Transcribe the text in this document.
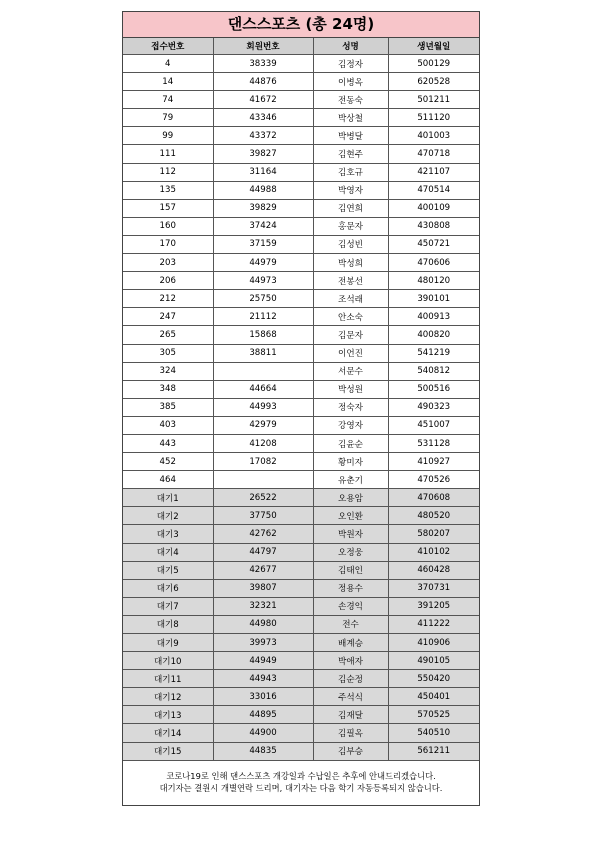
댄스스포츠 (총 24명)
접수번호	회원번호	성명	생년월일
4	38339	김정자	500129
14	44876	이병옥	620528
74	41672	전동숙	501211
79	43346	박상철	511120
99	43372	박병달	401003
111	39827	김현주	470718
112	31164	김호규	421107
135	44988	박영자	470514
157	39829	김연희	400109
160	37424	홍문자	430808
170	37159	김성빈	450721
203	44979	박성희	470606
206	44973	전봉선	480120
212	25750	조석래	390101
247	21112	안소숙	400913
265	15868	김문자	400820
305	38811	이언진	541219
324		서문수	540812
348	44664	박성원	500516
385	44993	정숙자	490323
403	42979	강영자	451007
443	41208	김윤순	531128
452	17082	황미자	410927
464		유춘기	470526
대기1	26522	오용암	470608
대기2	37750	오인환	480520
대기3	42762	박원자	580207
대기4	44797	오정웅	410102
대기5	42677	김태인	460428
대기6	39807	정용수	370731
대기7	32321	손경익	391205
대기8	44980	전수	411222
대기9	39973	배계승	410906
대기10	44949	박애자	490105
대기11	44943	김순정	550420
대기12	33016	주석식	450401
대기13	44895	김재달	570525
대기14	44900	김필옥	540510
대기15	44835	김부승	561211
코로나19로 인해 댄스스포츠 개강일과 수납일은 추후에 안내드리겠습니다.
대기자는 결원시 개별연락 드리며, 대기자는 다음 학기 자동등록되지 않습니다.
